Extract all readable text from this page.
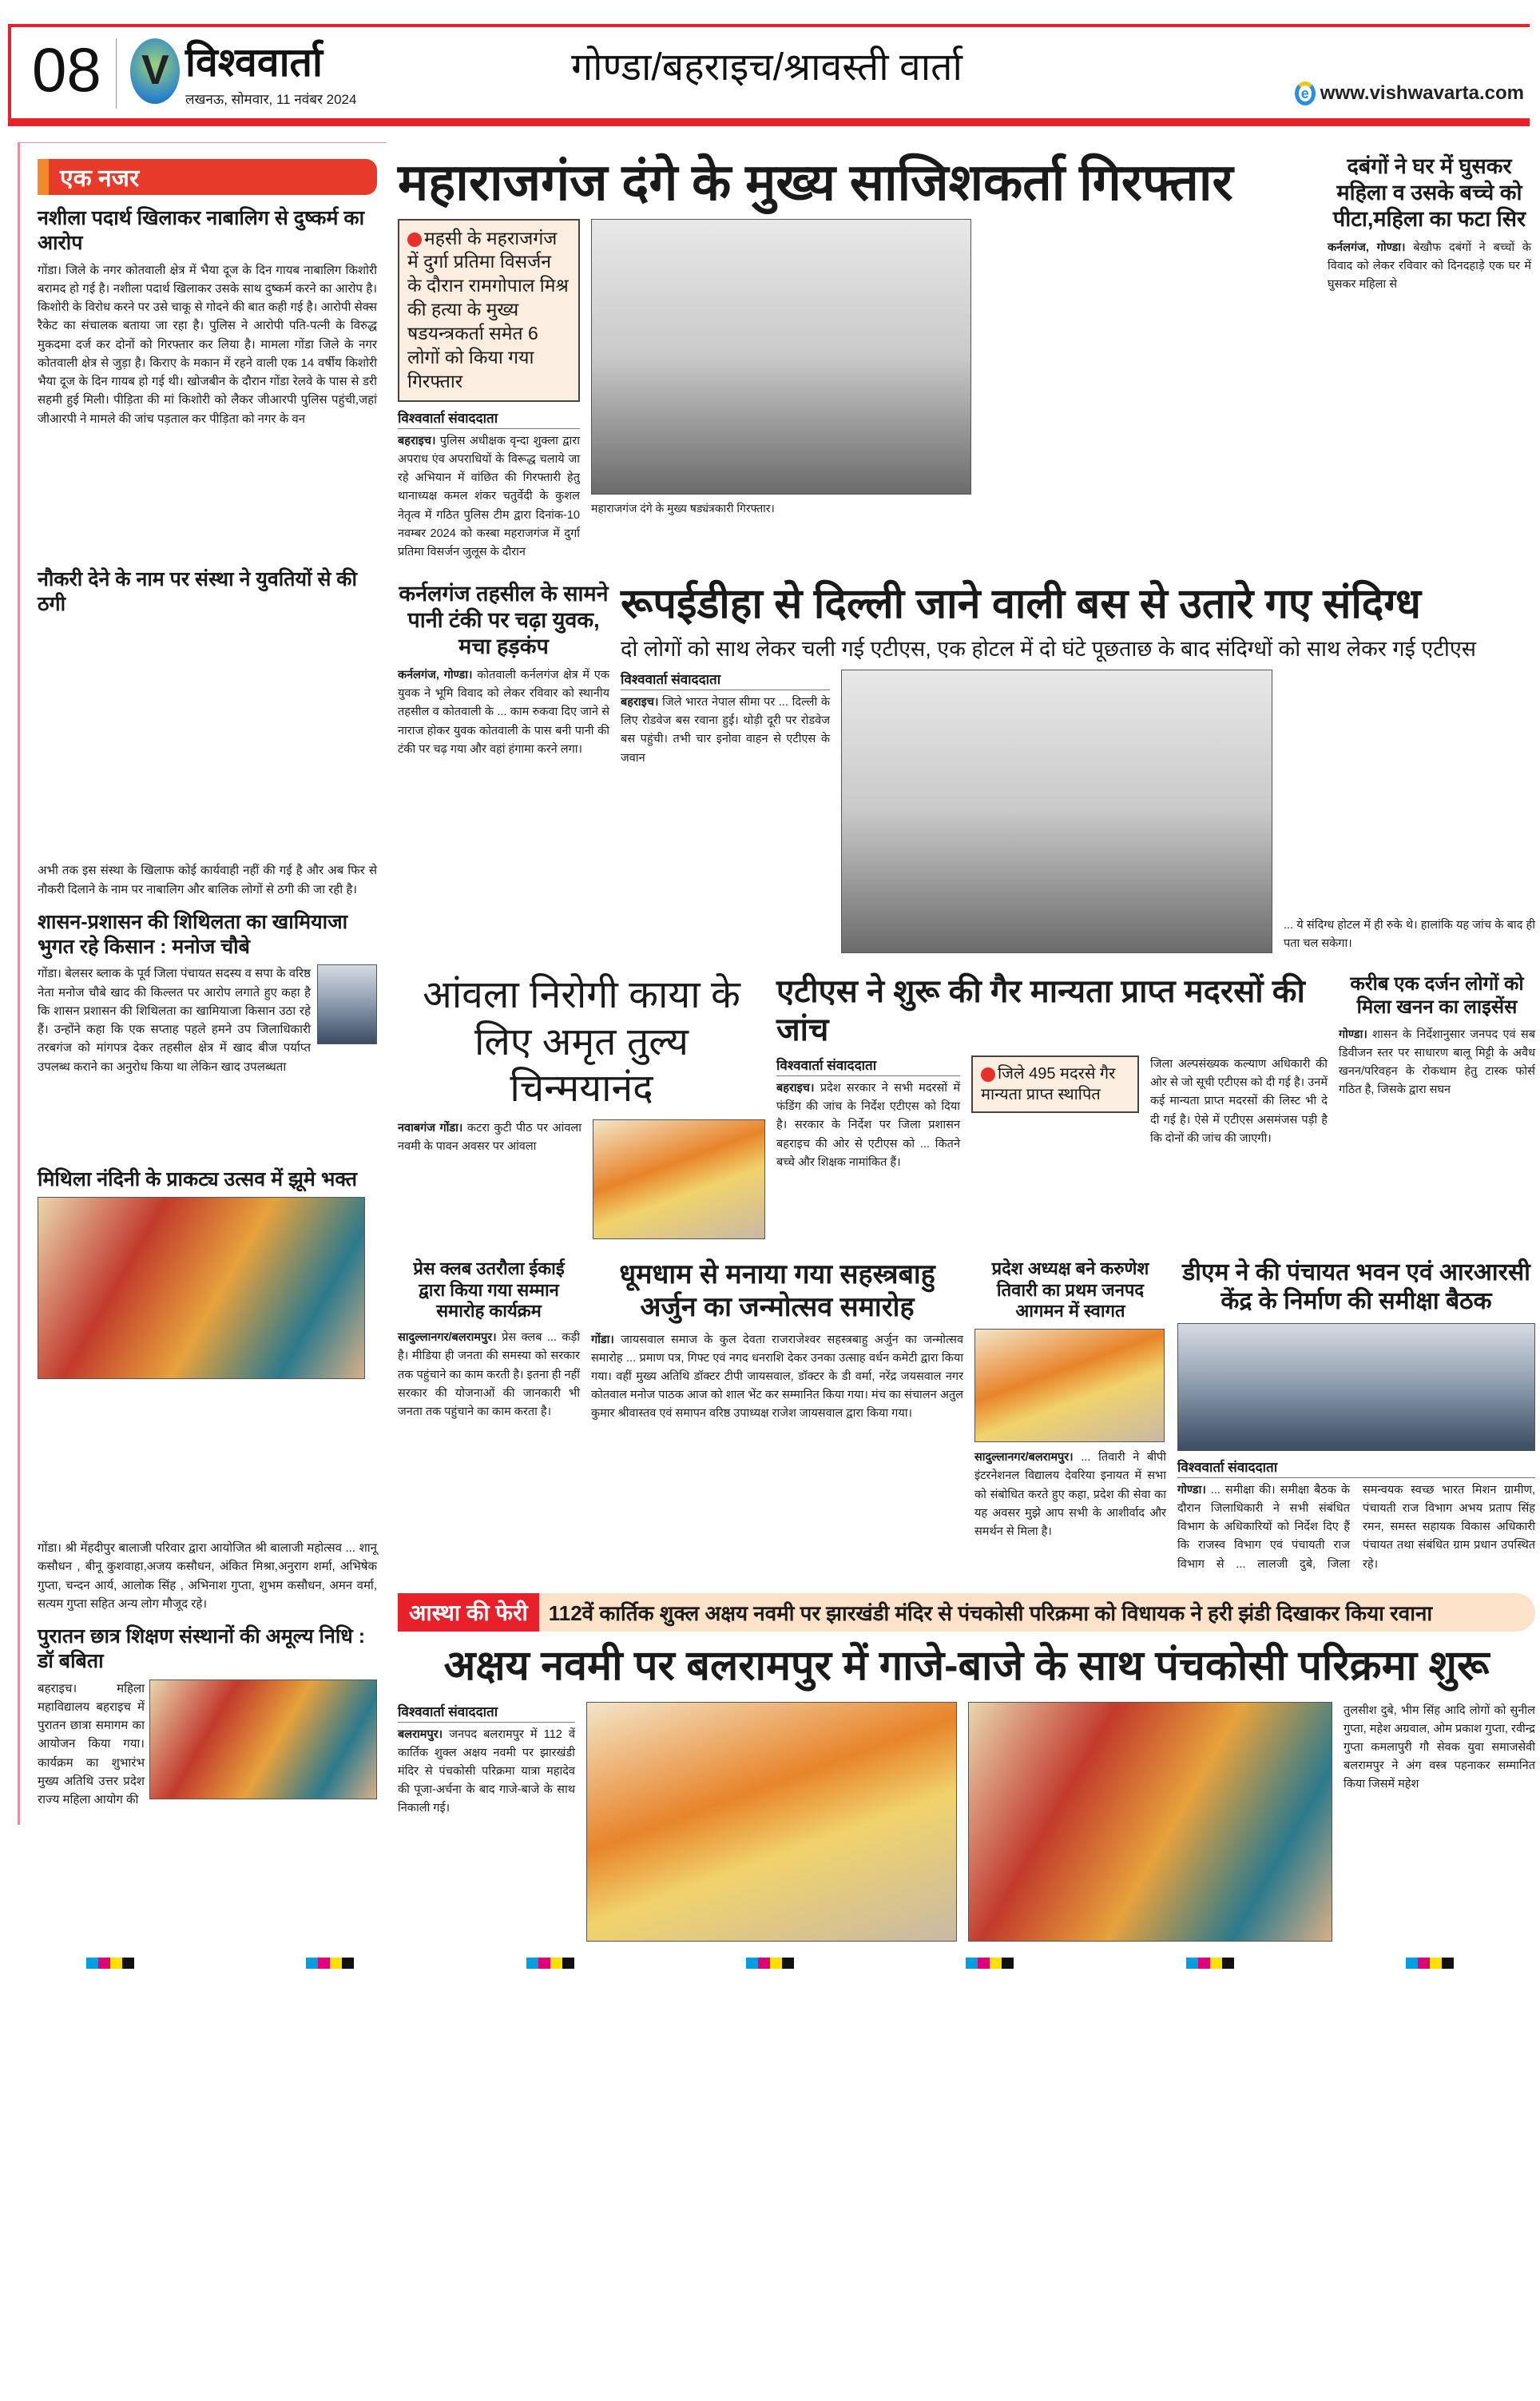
08 V विश्ववार्ता
लखनऊ, सोमवार, 11 नवंबर 2024
गोण्डा/बहराइच/श्रावस्ती वार्ता
e www.vishwavarta.com
एक नजर
नशीला पदार्थ खिलाकर नाबालिग से दुष्कर्म का आरोप

गोंडा। जिले के नगर कोतवाली क्षेत्र में भैया दूज के दिन गायब नाबालिग किशोरी बरामद हो गई है। नशीला पदार्थ खिलाकर उसके साथ दुष्कर्म करने का आरोप है। किशोरी के विरोध करने पर उसे चाकू से गोदने की बात कही गई है। आरोपी सेक्स रैकेट का संचालक बताया जा रहा है। पुलिस ने आरोपी पति-पत्नी के विरुद्ध मुकदमा दर्ज कर दोनों को गिरफ्तार कर लिया है। मामला गोंडा जिले के नगर कोतवाली क्षेत्र से जुड़ा है। किराए के मकान में रहने वाली एक 14 वर्षीय किशोरी भैया दूज के दिन गायब हो गई थी। खोजबीन के दौरान गोंडा रेलवे के पास से डरी सहमी हुई मिली। पीड़िता की मां किशोरी को लैकर जीआरपी पुलिस पहुंची,जहां जीआरपी ने मामले की जांच पड़ताल कर पीड़िता को नगर के वन

नौकरी देने के नाम पर संस्था ने युवतियों से की ठगी

अभी तक इस संस्था के खिलाफ कोई कार्यवाही नहीं की गई है और अब फिर से नौकरी दिलाने के नाम पर नाबालिग और बालिक लोगों से ठगी की जा रही है।

शासन-प्रशासन की शिथिलता का खामियाजा भुगत रहे किसान : मनोज चौबे

गोंडा। बेलसर ब्लाक के पूर्व जिला पंचायत सदस्य व सपा के वरिष्ठ नेता मनोज चौबे खाद की किल्लत पर आरोप लगाते हुए कहा है कि शासन प्रशासन की शिथिलता का खामियाजा किसान उठा रहे हैं। उन्होंने कहा कि एक सप्ताह पहले हमने उप जिलाधिकारी तरबगंज को मांगपत्र देकर तहसील क्षेत्र में खाद बीज पर्याप्त उपलब्ध कराने का अनुरोध किया था लेकिन खाद उपलब्धता

मिथिला नंदिनी के प्राकट्य उत्सव में झूमे भक्त

गोंडा। श्री मेंहदीपुर बालाजी परिवार द्वारा आयोजित श्री बालाजी महोत्सव ... शानू कसौधन , बीनू कुशवाहा,अजय कसौधन, अंकित मिश्रा,अनुराग शर्मा, अभिषेक गुप्ता, चन्दन आर्य, आलोक सिंह , अभिनाश गुप्ता, शुभम कसौधन, अमन वर्मा, सत्यम गुप्ता सहित अन्य लोग मौजूद रहे।

पुरातन छात्र शिक्षण संस्थानों की अमूल्य निधि : डॉ बबिता

बहराइच। महिला महाविद्यालय बहराइच में पुरातन छात्रा समागम का आयोजन किया गया। कार्यक्रम का शुभारंभ मुख्य अतिथि उत्तर प्रदेश राज्य महिला आयोग की

महाराजगंज दंगे के मुख्य साजिशकर्ता गिरफ्तार
महसी के महराजगंज में दुर्गा प्रतिमा विसर्जन के दौरान रामगोपाल मिश्र की हत्या के मुख्य षडयन्त्रकर्ता समेत 6 लोगों को किया गया गिरफ्तार
विश्ववार्ता संवाददाता

बहराइच। पुलिस अधीक्षक वृन्दा शुक्ला द्वारा अपराध एंव अपराधियों के विरूद्ध चलाये जा रहे अभियान में वांछित की गिरफ्तारी हेतु थानाध्यक्ष कमल शंकर चतुर्वेदी के कुशल नेतृत्व में गठित पुलिस टीम द्वारा दिनांक-10 नवम्बर 2024 को कस्बा महराजगंज में दुर्गा प्रतिमा विसर्जन जुलूस के दौरान

महाराजगंज दंगे के मुख्य षड्यंत्रकारी गिरफ्तार।
दबंगों ने घर में घुसकर महिला व उसके बच्चे को पीटा,महिला का फटा सिर

कर्नलगंज, गोण्डा। बेखौफ दबंगों ने बच्चों के विवाद को लेकर रविवार को दिनदहाड़े एक घर में घुसकर महिला से

कर्नलगंज तहसील के सामने पानी टंकी पर चढ़ा युवक, मचा हड़कंप

कर्नलगंज, गोण्डा। कोतवाली कर्नलगंज क्षेत्र में एक युवक ने भूमि विवाद को लेकर रविवार को स्थानीय तहसील व कोतवाली के ... काम रुकवा दिए जाने से नाराज होकर युवक कोतवाली के पास बनी पानी की टंकी पर चढ़ गया और वहां हंगामा करने लगा।

रूपईडीहा से दिल्ली जाने वाली बस से उतारे गए संदिग्ध
दो लोगों को साथ लेकर चली गई एटीएस, एक होटल में दो घंटे पूछताछ के बाद संदिग्धों को साथ लेकर गई एटीएस
विश्ववार्ता संवाददाता

बहराइच। जिले भारत नेपाल सीमा पर ... दिल्ली के लिए रोडवेज बस रवाना हुई। थोड़ी दूरी पर रोडवेज बस पहुंची। तभी चार इनोवा वाहन से एटीएस के जवान

... ये संदिग्ध होटल में ही रुके थे। हालांकि यह जांच के बाद ही पता चल सकेगा।

आंवला निरोगी काया के लिए अमृत तुल्य चिन्मयानंद

नवाबगंज गोंडा। कटरा कुटी पीठ पर आंवला नवमी के पावन अवसर पर आंवला

एटीएस ने शुरू की गैर मान्यता प्राप्त मदरसों की जांच
विश्ववार्ता संवाददाता

बहराइच। प्रदेश सरकार ने सभी मदरसों में फंडिंग की जांच के निर्देश एटीएस को दिया है। सरकार के निर्देश पर जिला प्रशासन बहराइच की ओर से एटीएस को ... कितने बच्चे और शिक्षक नामांकित हैं।

जिले 495 मदरसे गैर मान्यता प्राप्त स्थापित

जिला अल्पसंख्यक कल्याण अधिकारी की ओर से जो सूची एटीएस को दी गई है। उनमें कई मान्यता प्राप्त मदरसों की लिस्ट भी दे दी गई है। ऐसे में एटीएस असमंजस पड़ी है कि दोनों की जांच की जाएगी।

करीब एक दर्जन लोगों को मिला खनन का लाइसेंस

गोण्डा। शासन के निर्देशानुसार जनपद एवं सब डिवीजन स्तर पर साधारण बालू मिट्टी के अवैध खनन/परिवहन के रोकथाम हेतु टास्क फोर्स गठित है, जिसके द्वारा सघन

प्रेस क्लब उतरौला ईकाई द्वारा किया गया सम्मान समारोह कार्यक्रम

सादुल्लानगर/बलरामपुर। प्रेस क्लब ... कड़ी है। मीडिया ही जनता की समस्या को सरकार तक पहुंचाने का काम करती है। इतना ही नहीं सरकार की योजनाओं की जानकारी भी जनता तक पहुंचाने का काम करता है।

धूमधाम से मनाया गया सहस्त्रबाहु अर्जुन का जन्मोत्सव समारोह

गोंडा। जायसवाल समाज के कुल देवता राजराजेश्वर सहस्त्रबाहु अर्जुन का जन्मोत्सव समारोह ... प्रमाण पत्र, गिफ्ट एवं नगद धनराशि देकर उनका उत्साह वर्धन कमेटी द्वारा किया गया। वहीं मुख्य अतिथि डॉक्टर टीपी जायसवाल, डॉक्टर के डी वर्मा, नरेंद्र जयसवाल नगर कोतवाल मनोज पाठक आज को शाल भेंट कर सम्मानित किया गया। मंच का संचालन अतुल कुमार श्रीवास्तव एवं समापन वरिष्ठ उपाध्यक्ष राजेश जायसवाल द्वारा किया गया।

प्रदेश अध्यक्ष बने करुणेश तिवारी का प्रथम जनपद आगमन में स्वागत

सादुल्लानगर/बलरामपुर। ... तिवारी ने बीपी इंटरनेशनल विद्यालय देवरिया इनायत में सभा को संबोधित करते हुए कहा, प्रदेश की सेवा का यह अवसर मुझे आप सभी के आशीर्वाद और समर्थन से मिला है।

डीएम ने की पंचायत भवन एवं आरआरसी केंद्र के निर्माण की समीक्षा बैठक
विश्ववार्ता संवाददाता

गोण्डा। ... समीक्षा की। समीक्षा बैठक के दौरान जिलाधिकारी ने सभी संबंधित विभाग के अधिकारियों को निर्देश दिए हैं कि राजस्व विभाग एवं पंचायती राज विभाग से ... लालजी दुबे, जिला समन्वयक स्वच्छ भारत मिशन ग्रामीण, पंचायती राज विभाग अभय प्रताप सिंह रमन, समस्त सहायक विकास अधिकारी पंचायत तथा संबंधित ग्राम प्रधान उपस्थित रहे।

आस्था की फेरी	112वें कार्तिक शुक्ल अक्षय नवमी पर झारखंडी मंदिर से पंचकोसी परिक्रमा को विधायक ने हरी झंडी दिखाकर किया रवाना
अक्षय नवमी पर बलरामपुर में गाजे-बाजे के साथ पंचकोसी परिक्रमा शुरू
विश्ववार्ता संवाददाता

बलरामपुर। जनपद बलरामपुर में 112 वें कार्तिक शुक्ल अक्षय नवमी पर झारखंडी मंदिर से पंचकोसी परिक्रमा यात्रा महादेव की पूजा-अर्चना के बाद गाजे-बाजे के साथ निकाली गई।

तुलसीश दुबे, भीम सिंह आदि लोगों को सुनील गुप्ता, महेश अग्रवाल, ओम प्रकाश गुप्ता, रवीन्द्र गुप्ता कमलापुरी गौ सेवक युवा समाजसेवी बलरामपुर ने अंग वस्त्र पहनाकर सम्मानित किया जिसमें महेश
